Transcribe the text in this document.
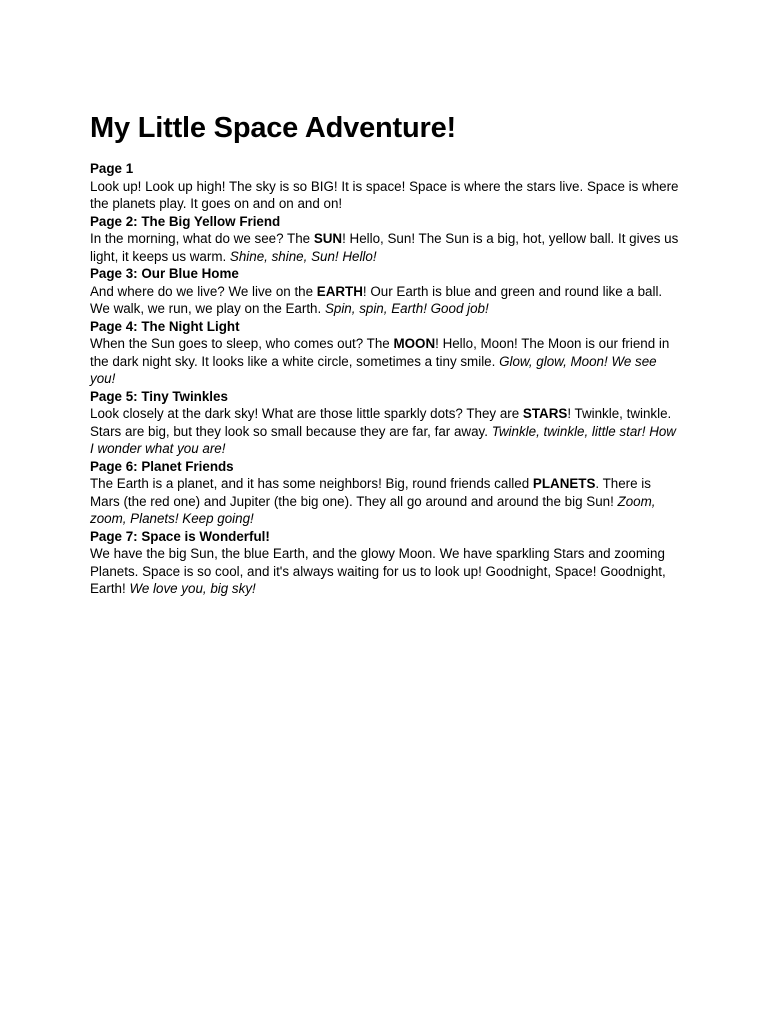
My Little Space Adventure!

Page 1

Look up! Look up high! The sky is so BIG! It is space! Space is where the stars live. Space is where the planets play. It goes on and on and on!

Page 2: The Big Yellow Friend

In the morning, what do we see? The SUN! Hello, Sun! The Sun is a big, hot, yellow ball. It gives us light, it keeps us warm. Shine, shine, Sun! Hello!

Page 3: Our Blue Home

And where do we live? We live on the EARTH! Our Earth is blue and green and round like a ball. We walk, we run, we play on the Earth. Spin, spin, Earth! Good job!

Page 4: The Night Light

When the Sun goes to sleep, who comes out? The MOON! Hello, Moon! The Moon is our friend in the dark night sky. It looks like a white circle, sometimes a tiny smile. Glow, glow, Moon! We see you!

Page 5: Tiny Twinkles

Look closely at the dark sky! What are those little sparkly dots? They are STARS! Twinkle, twinkle. Stars are big, but they look so small because they are far, far away. Twinkle, twinkle, little star! How I wonder what you are!

Page 6: Planet Friends

The Earth is a planet, and it has some neighbors! Big, round friends called PLANETS. There is Mars (the red one) and Jupiter (the big one). They all go around and around the big Sun! Zoom, zoom, Planets! Keep going!

Page 7: Space is Wonderful!

We have the big Sun, the blue Earth, and the glowy Moon. We have sparkling Stars and zooming Planets. Space is so cool, and it's always waiting for us to look up! Goodnight, Space! Goodnight, Earth! We love you, big sky!
